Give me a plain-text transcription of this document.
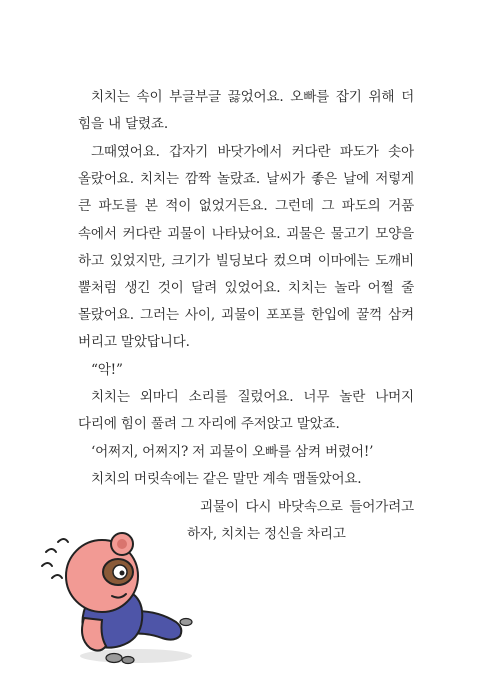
치치는 속이 부글부글 끓었어요. 오빠를 잡기 위해 더 힘을 내 달렸죠.

그때였어요. 갑자기 바닷가에서 커다란 파도가 솟아 올랐어요. 치치는 깜짝 놀랐죠. 날씨가 좋은 날에 저렇게 큰 파도를 본 적이 없었거든요. 그런데 그 파도의 거품 속에서 커다란 괴물이 나타났어요. 괴물은 물고기 모양을 하고 있었지만, 크기가 빌딩보다 컸으며 이마에는 도깨비 뿔처럼 생긴 것이 달려 있었어요. 치치는 놀라 어쩔 줄 몰랐어요. 그러는 사이, 괴물이 포포를 한입에 꿀꺽 삼켜 버리고 말았답니다.

“악!”

치치는 외마디 소리를 질렀어요. 너무 놀란 나머지 다리에 힘이 풀려 그 자리에 주저앉고 말았죠.

‘어쩌지, 어쩌지? 저 괴물이 오빠를 삼켜 버렸어!’

치치의 머릿속에는 같은 말만 계속 맴돌았어요.

괴물이 다시 바닷속으로 들어가려고 하자, 치치는 정신을 차리고
